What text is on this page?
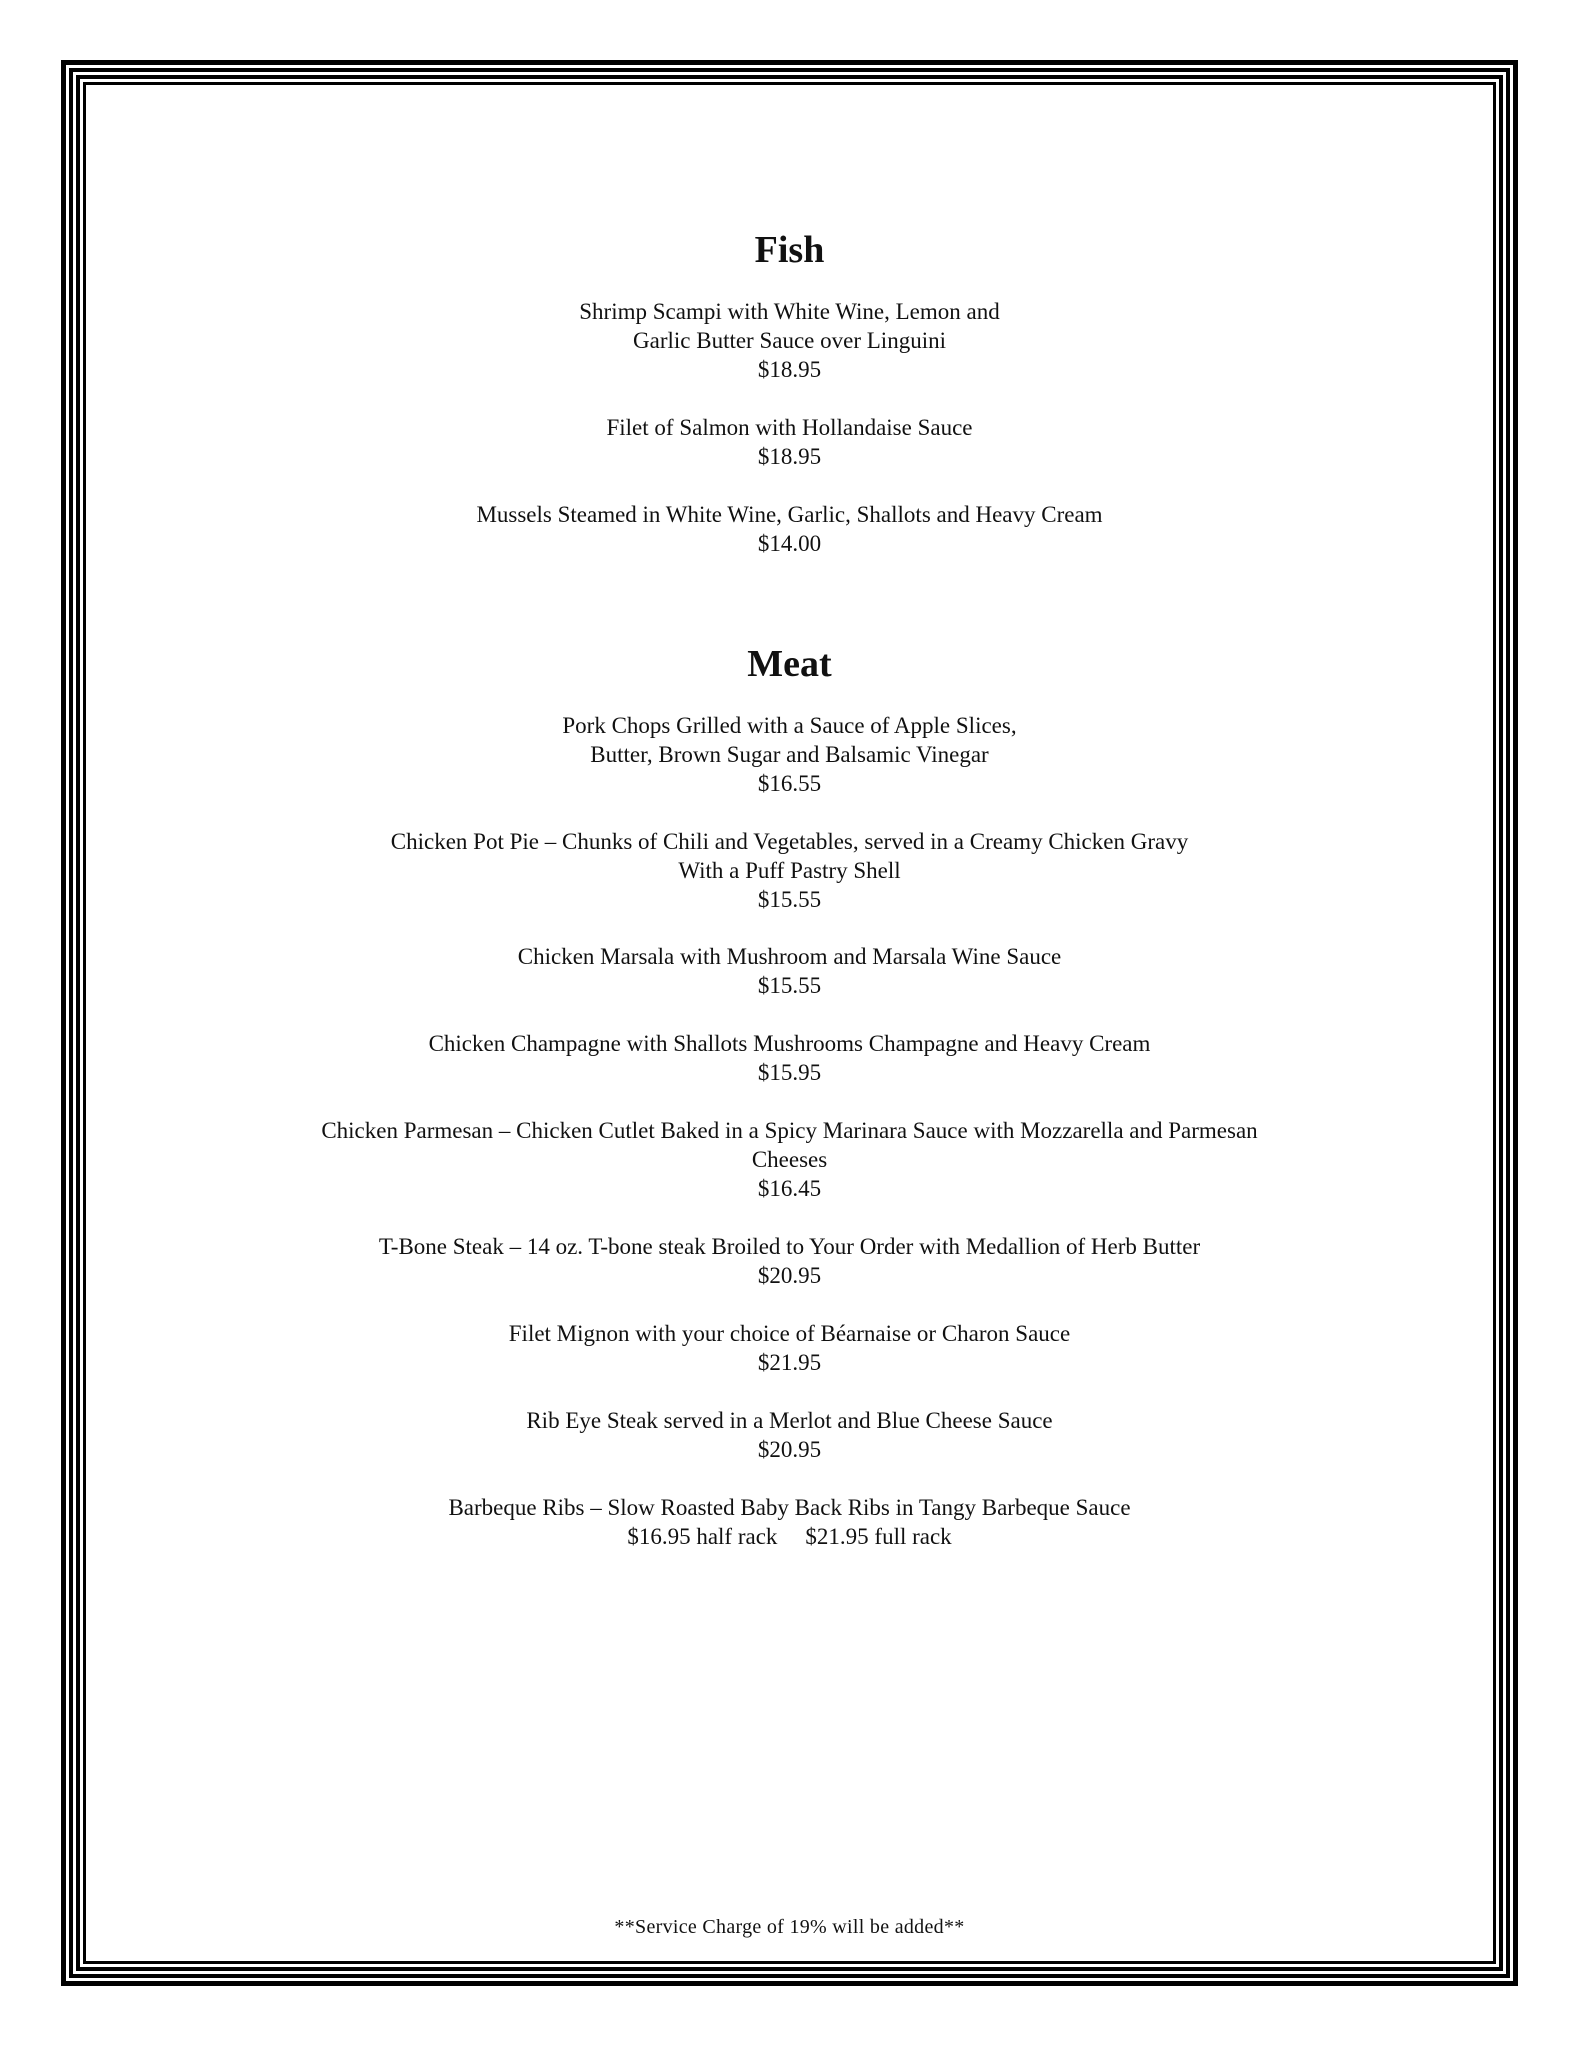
Fish
Shrimp Scampi with White Wine, Lemon and
Garlic Butter Sauce over Linguini
$18.95
Filet of Salmon with Hollandaise Sauce
$18.95
Mussels Steamed in White Wine, Garlic, Shallots and Heavy Cream
$14.00
Meat
Pork Chops Grilled with a Sauce of Apple Slices,
Butter, Brown Sugar and Balsamic Vinegar
$16.55
Chicken Pot Pie – Chunks of Chili and Vegetables, served in a Creamy Chicken Gravy
With a Puff Pastry Shell
$15.55
Chicken Marsala with Mushroom and Marsala Wine Sauce
$15.55
Chicken Champagne with Shallots Mushrooms Champagne and Heavy Cream
$15.95
Chicken Parmesan – Chicken Cutlet Baked in a Spicy Marinara Sauce with Mozzarella and Parmesan
Cheeses
$16.45
T-Bone Steak – 14 oz. T-bone steak Broiled to Your Order with Medallion of Herb Butter
$20.95
Filet Mignon with your choice of Béarnaise or Charon Sauce
$21.95
Rib Eye Steak served in a Merlot and Blue Cheese Sauce
$20.95
Barbeque Ribs – Slow Roasted Baby Back Ribs in Tangy Barbeque Sauce
$16.95 half rack $21.95 full rack
**Service Charge of 19% will be added**
